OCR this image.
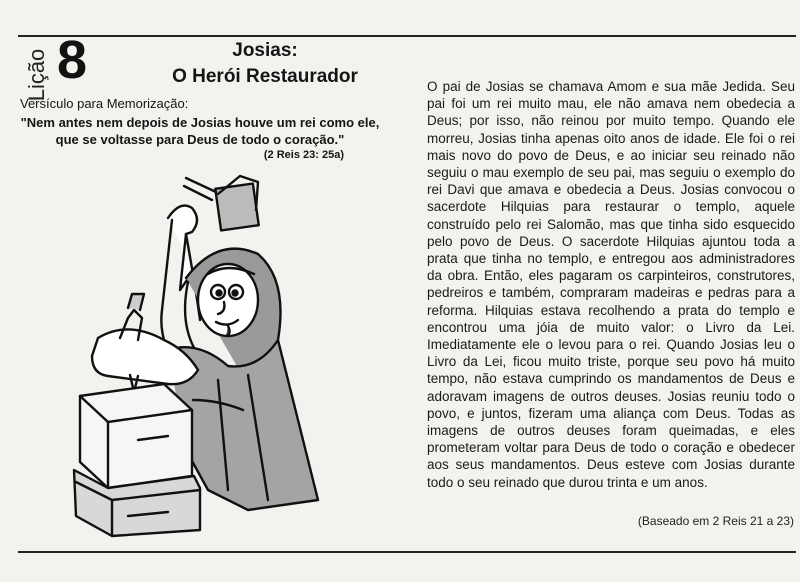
Lição 8	Josias:
O Herói Restaurador
Versículo para Memorização:
"Nem antes nem depois de Josias houve um rei como ele, que se voltasse para Deus de todo o coração."
(2 Reis 23: 25a)
O pai de Josias se chamava Amom e sua mãe Jedida. Seu pai foi um rei muito mau, ele não amava nem obedecia a Deus; por isso, não reinou por muito tempo. Quando ele morreu, Josias tinha apenas oito anos de idade. Ele foi o rei mais novo do povo de Deus, e ao iniciar seu reinado não seguiu o mau exemplo de seu pai, mas seguiu o exemplo do rei Davi que amava e obedecia a Deus. Josias convocou o sacerdote Hilquias para restaurar o templo, aquele construído pelo rei Salomão, mas que tinha sido esquecido pelo povo de Deus. O sacerdote Hilquias ajuntou toda a prata que tinha no templo, e entregou aos administradores da obra. Então, eles pagaram os carpinteiros, construtores, pedreiros e também, compraram madeiras e pedras para a reforma. Hilquias estava recolhendo a prata do templo e encontrou uma jóia de muito valor: o Livro da Lei. Imediatamente ele o levou para o rei. Quando Josias leu o Livro da Lei, ficou muito triste, porque seu povo há muito tempo, não estava cumprindo os mandamentos de Deus e adoravam imagens de outros deuses. Josias reuniu todo o povo, e juntos, fizeram uma aliança com Deus. Todas as imagens de outros deuses foram queimadas, e eles prometeram voltar para Deus de todo o coração e obedecer aos seus mandamentos. Deus esteve com Josias durante todo o seu reinado que durou trinta e um anos.
(Baseado em 2 Reis 21 a 23)
